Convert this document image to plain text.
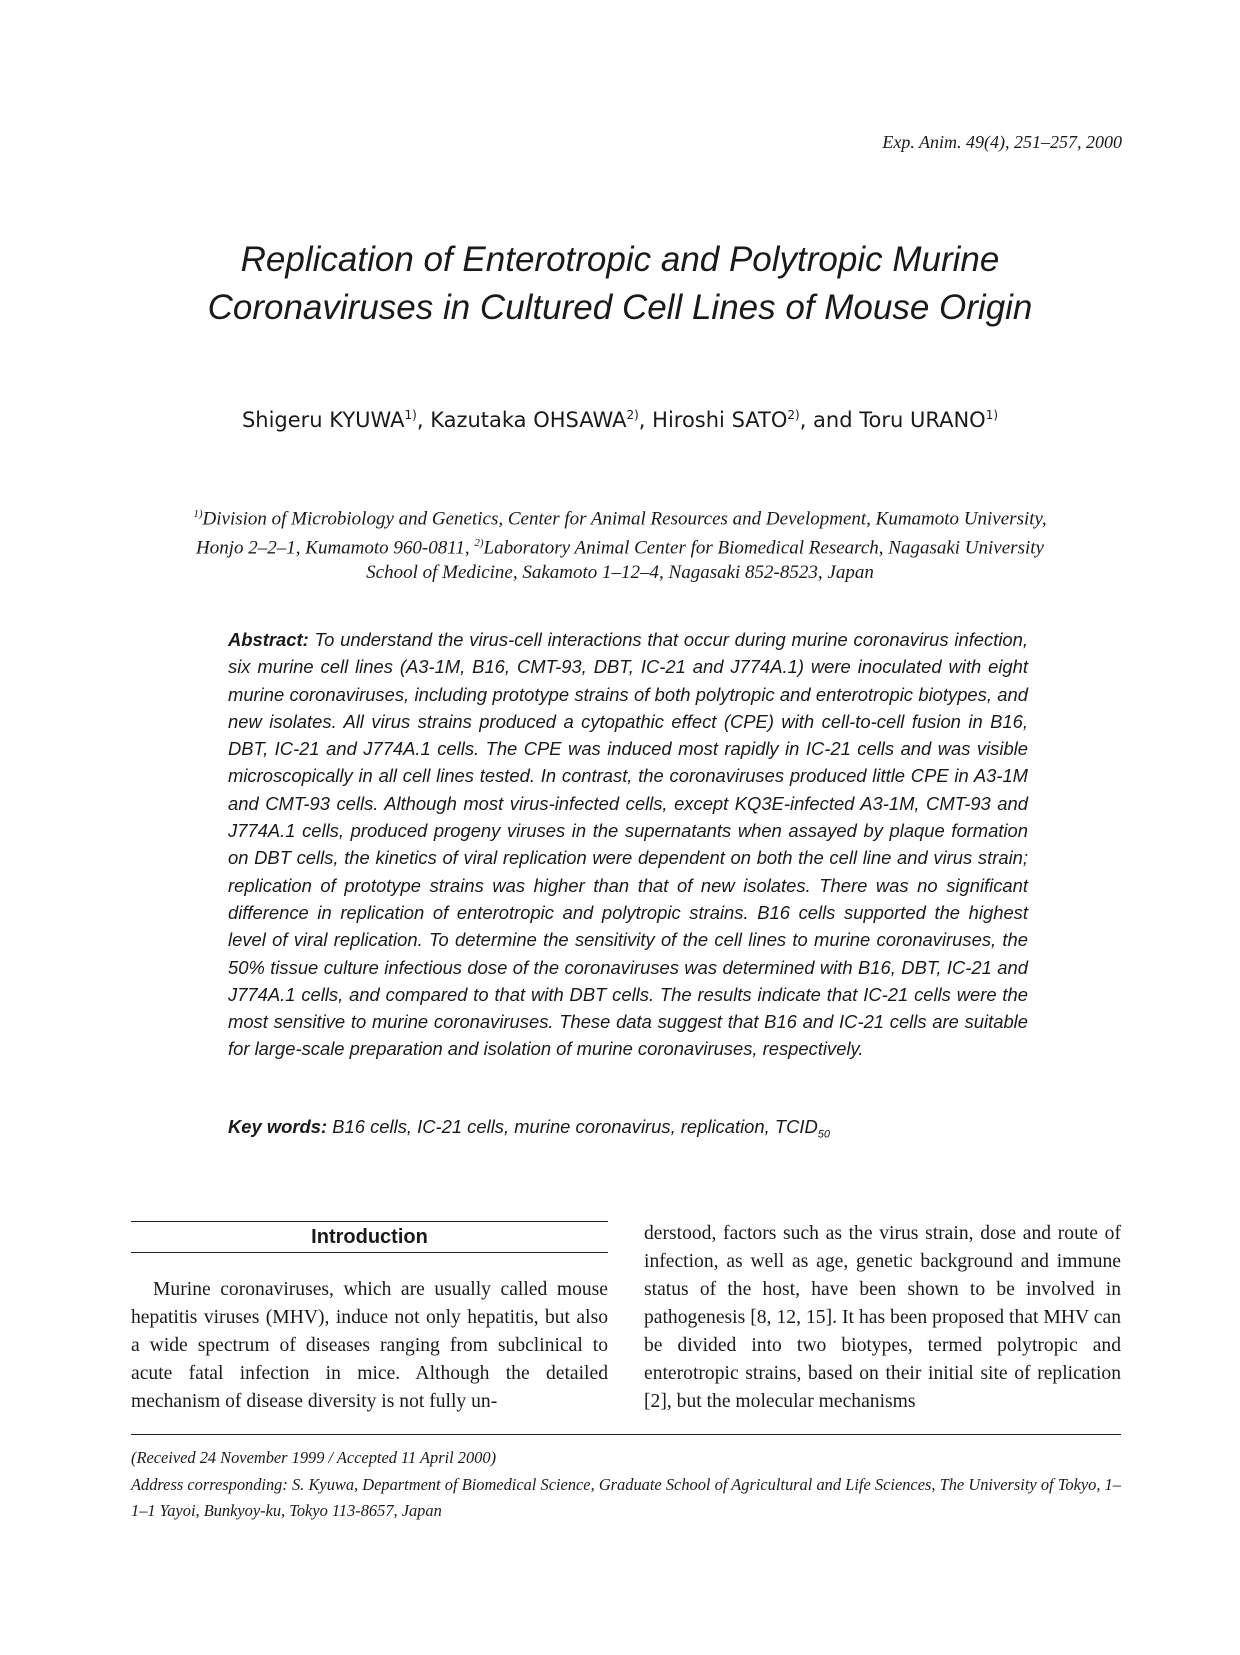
Exp. Anim. 49(4), 251–257, 2000
Replication of Enterotropic and Polytropic Murine
Coronaviruses in Cultured Cell Lines of Mouse Origin
Shigeru KYUWA$^{1)}$, Kazutaka OHSAWA$^{2)}$, Hiroshi SATO$^{2)}$, and Toru URANO$^{1)}$
$^{1)}$Division of Microbiology and Genetics, Center for Animal Resources and Development, Kumamoto University, Honjo 2–2–1, Kumamoto 960-0811, $^{2)}$Laboratory Animal Center for Biomedical Research, Nagasaki University School of Medicine, Sakamoto 1–12–4, Nagasaki 852-8523, Japan
Abstract: To understand the virus-cell interactions that occur during murine coronavirus infection, six murine cell lines (A3-1M, B16, CMT-93, DBT, IC-21 and J774A.1) were inoculated with eight murine coronaviruses, including prototype strains of both polytropic and enterotropic biotypes, and new isolates. All virus strains produced a cytopathic effect (CPE) with cell-to-cell fusion in B16, DBT, IC-21 and J774A.1 cells. The CPE was induced most rapidly in IC-21 cells and was visible microscopically in all cell lines tested. In contrast, the coronaviruses produced little CPE in A3-1M and CMT-93 cells. Although most virus-infected cells, except KQ3E-infected A3-1M, CMT-93 and J774A.1 cells, produced progeny viruses in the supernatants when assayed by plaque formation on DBT cells, the kinetics of viral replication were dependent on both the cell line and virus strain; replication of prototype strains was higher than that of new isolates. There was no significant difference in replication of enterotropic and polytropic strains. B16 cells supported the highest level of viral replication. To determine the sensitivity of the cell lines to murine coronaviruses, the 50% tissue culture infectious dose of the coronaviruses was determined with B16, DBT, IC-21 and J774A.1 cells, and compared to that with DBT cells. The results indicate that IC-21 cells were the most sensitive to murine coronaviruses. These data suggest that B16 and IC-21 cells are suitable for large-scale preparation and isolation of murine coronaviruses, respectively.
Key words: B16 cells, IC-21 cells, murine coronavirus, replication, $TCID_{50}$
Introduction

Murine coronaviruses, which are usually called mouse hepatitis viruses (MHV), induce not only hepatitis, but also a wide spectrum of diseases ranging from subclinical to acute fatal infection in mice. Although the detailed mechanism of disease diversity is not fully un-

derstood, factors such as the virus strain, dose and route of infection, as well as age, genetic background and immune status of the host, have been shown to be involved in pathogenesis [8, 12, 15]. It has been proposed that MHV can be divided into two biotypes, termed polytropic and enterotropic strains, based on their initial site of replication [2], but the molecular mechanisms

(Received 24 November 1999 / Accepted 11 April 2000)
Address corresponding: S. Kyuwa, Department of Biomedical Science, Graduate School of Agricultural and Life Sciences, The University of Tokyo, 1–1–1 Yayoi, Bunkyoy-ku, Tokyo 113-8657, Japan
